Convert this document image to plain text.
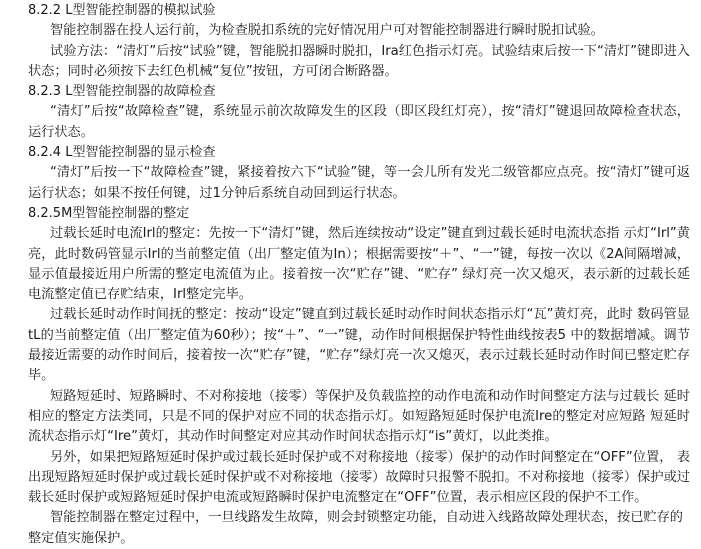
8.2.2 L型智能控制器的模拟试验
智能控制器在投人运行前，为检查脱扣系统的完好情况用户可对智能控制器进行瞬时脱扣试验。
试验方法：“清灯”后按“试验”键，智能脱扣器瞬时脱扣，Ira红色指示灯亮。试验结束后按一下“清灯”键即进入
状态；同时必须按下去红色机械“复位”按钮，方可闭合断路器。
8.2.3 L型智能控制器的故障检查
“清灯”后按“故障检查”键，系统显示前次故障发生的区段（即区段红灯亮），按“清灯”键退回故障检查状态，
运行状态。
8.2.4 L型智能控制器的显示检查
“清灯”后按一下“故障检查”键，紧接着按六下“试验”键，等一会儿所有发光二级管都应点亮。按“清灯”键可返
运行状态；如果不按任何键，过1分钟后系统自动回到运行状态。
8.2.5M型智能控制器的整定
过载长延时电流Irl的整定：先按一下“清灯”键，然后连续按动“设定”键直到过载长延时电流状态指 示灯“Irl”黄
亮，此时数码管显示Irl的当前整定值（出厂整定值为In）；根据需要按“＋”、“一”键，每按一次以《2A间隔增减，
显示值最接近用户所需的整定电流值为止。接着按一次“贮存”键、“贮存” 绿灯亮一次又熄灭，表示新的过载长延
电流整定值已存贮结束，Irl整定完毕。
过载长延时动作时间抚的整定：按动“设定”键直到过载长延时动作时间状态指示灯“瓦”黄灯亮，此时 数码管显
tL的当前整定值（出厂整定值为60秒）；按“＋”、“一”键，动作时间根据保护特性曲线按表5 中的数据增减。调节
最接近需要的动作时间后，接着按一次“贮存”键，“贮存”绿灯亮一次又熄灭，表示过载长延时动作时间已整定贮存
毕。
短路短延时、短路瞬时、不对称接地（接零）等保护及负载监控的动作电流和动作时间整定方法与过载长 延时
相应的整定方法类同，只是不同的保护对应不同的状态指示灯。如短路短延时保护电流Ire的整定对应短路 短延时
流状态指示灯“Ire”黄灯，其动作时间整定对应其动作时间状态指示灯“is”黄灯，以此类推。
另外，如果把短路短延时保护或过载长延时保护或不对称接地（接零）保护的动作时间整定在“OFF”位置， 表
出现短路短延时保护或过载长延时保护或不对称接地（接零）故障时只报警不脱扣。不对称接地（接零）保护或过
载长延时保护或短路短延时保护电流或短路瞬时保护电流整定在“OFF”位置，表示相应区段的保护不工作。
智能控制器在整定过程中，一旦线路发生故障，则会封锁整定功能，自动进入线路故障处理状态，按已贮存的
整定值实施保护。
